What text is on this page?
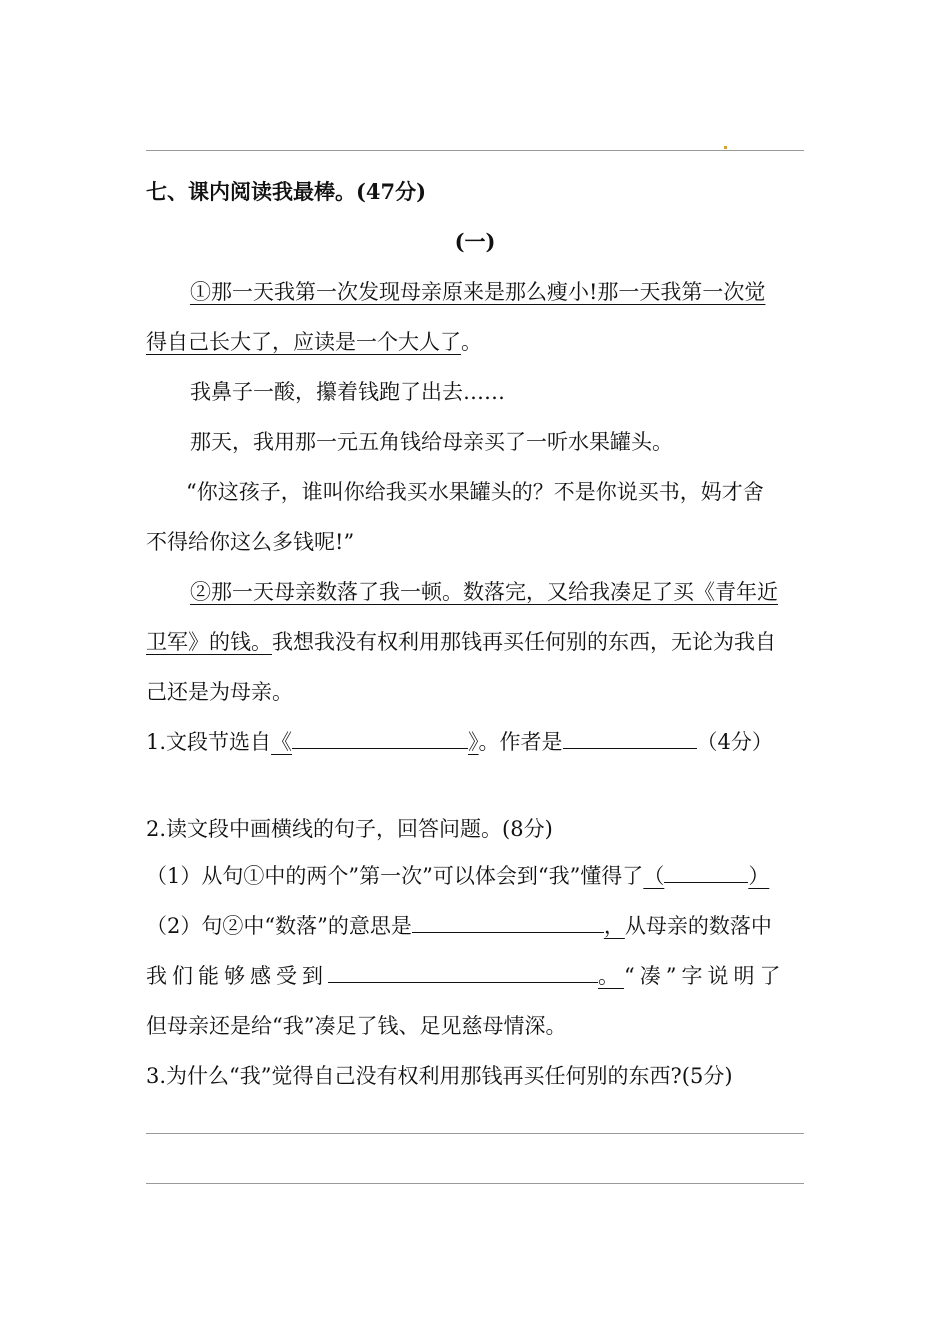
七、课内阅读我最棒。(47分)
(一)
①那一天我第一次发现母亲原来是那么瘦小!那一天我第一次觉
得自己长大了，应读是一个大人了。
我鼻子一酸，攥着钱跑了出去……
那天，我用那一元五角钱给母亲买了一听水果罐头。
“你这孩子，谁叫你给我买水果罐头的？不是你说买书，妈才舍
不得给你这么多钱呢!”
②那一天母亲数落了我一顿。数落完，又给我凑足了买《青年近
卫军》的钱。我想我没有权利用那钱再买任何别的东西，无论为我自
己还是为母亲。
1.文段节选自《	》。作者是	（4分）
2.读文段中画横线的句子，回答问题。(8分)
（1）从句①中的两个”第一次”可以体会到“我”懂得了（	）
（2）句②中“数落”的意思是	，从母亲的数落中
我们能够感受到	。“凑”字说明了
但母亲还是给“我”凑足了钱、足见慈母情深。
3.为什么“我”觉得自己没有权利用那钱再买任何别的东西?(5分)
